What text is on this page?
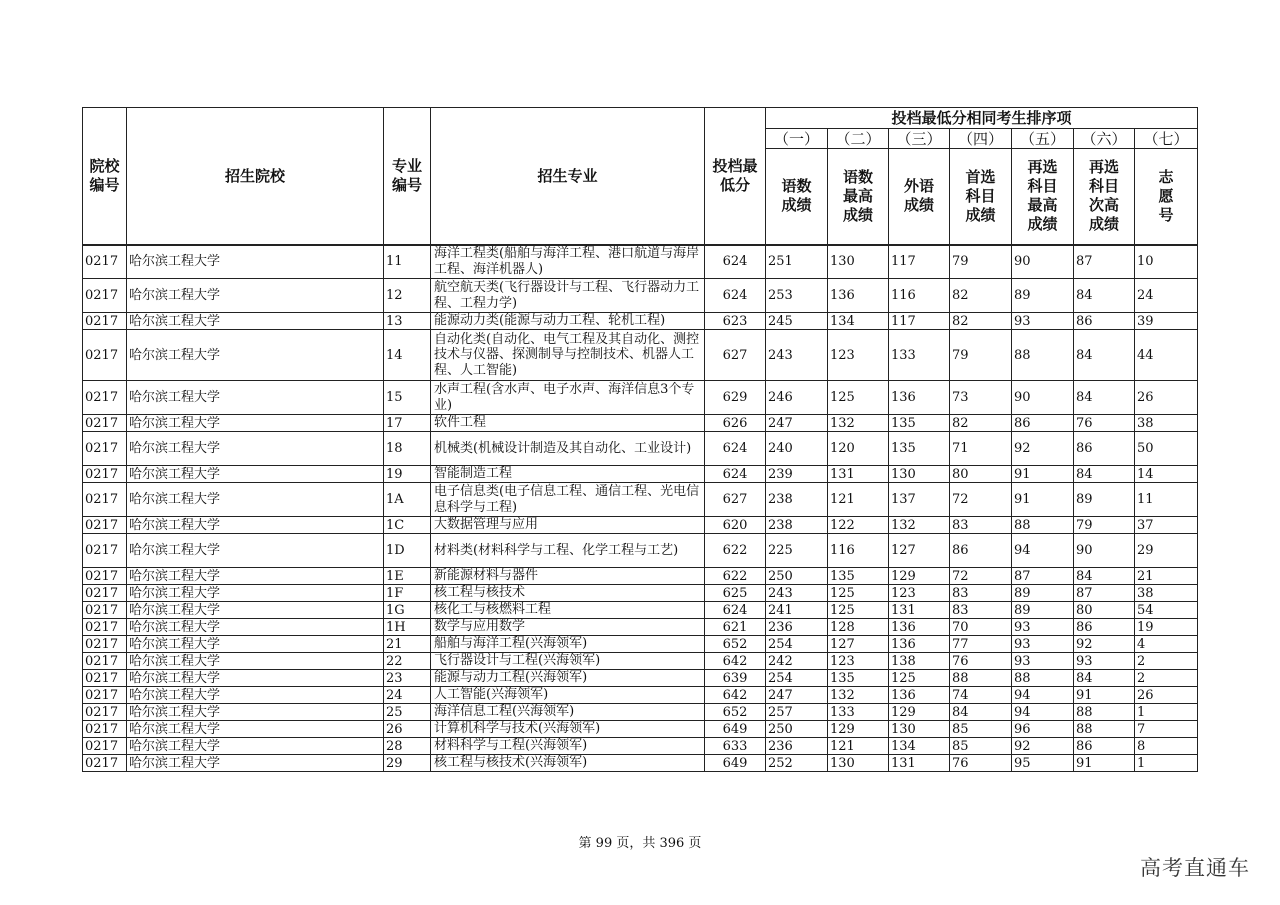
院校编号	招生院校	专业编号	招生专业	投档最低分	投档最低分相同考生排序项						
					（一）	（二）	（三）	（四）	（五）	（六）	（七）
					语数成绩	语数最高成绩	外语成绩	首选科目成绩	再选科目最高成绩	再选科目次高成绩	志愿号
0217	哈尔滨工程大学	11	海洋工程类(船舶与海洋工程、港口航道与海岸工程、海洋机器人)	624	251	130	117	79	90	87	10
0217	哈尔滨工程大学	12	航空航天类(飞行器设计与工程、飞行器动力工程、工程力学)	624	253	136	116	82	89	84	24
0217	哈尔滨工程大学	13	能源动力类(能源与动力工程、轮机工程)	623	245	134	117	82	93	86	39
0217	哈尔滨工程大学	14	自动化类(自动化、电气工程及其自动化、测控技术与仪器、探测制导与控制技术、机器人工程、人工智能)	627	243	123	133	79	88	84	44
0217	哈尔滨工程大学	15	水声工程(含水声、电子水声、海洋信息3个专业)	629	246	125	136	73	90	84	26
0217	哈尔滨工程大学	17	软件工程	626	247	132	135	82	86	76	38
0217	哈尔滨工程大学	18	机械类(机械设计制造及其自动化、工业设计)	624	240	120	135	71	92	86	50
0217	哈尔滨工程大学	19	智能制造工程	624	239	131	130	80	91	84	14
0217	哈尔滨工程大学	1A	电子信息类(电子信息工程、通信工程、光电信息科学与工程)	627	238	121	137	72	91	89	11
0217	哈尔滨工程大学	1C	大数据管理与应用	620	238	122	132	83	88	79	37
0217	哈尔滨工程大学	1D	材料类(材料科学与工程、化学工程与工艺)	622	225	116	127	86	94	90	29
0217	哈尔滨工程大学	1E	新能源材料与器件	622	250	135	129	72	87	84	21
0217	哈尔滨工程大学	1F	核工程与核技术	625	243	125	123	83	89	87	38
0217	哈尔滨工程大学	1G	核化工与核燃料工程	624	241	125	131	83	89	80	54
0217	哈尔滨工程大学	1H	数学与应用数学	621	236	128	136	70	93	86	19
0217	哈尔滨工程大学	21	船舶与海洋工程(兴海领军)	652	254	127	136	77	93	92	4
0217	哈尔滨工程大学	22	飞行器设计与工程(兴海领军)	642	242	123	138	76	93	93	2
0217	哈尔滨工程大学	23	能源与动力工程(兴海领军)	639	254	135	125	88	88	84	2
0217	哈尔滨工程大学	24	人工智能(兴海领军)	642	247	132	136	74	94	91	26
0217	哈尔滨工程大学	25	海洋信息工程(兴海领军)	652	257	133	129	84	94	88	1
0217	哈尔滨工程大学	26	计算机科学与技术(兴海领军)	649	250	129	130	85	96	88	7
0217	哈尔滨工程大学	28	材料科学与工程(兴海领军)	633	236	121	134	85	92	86	8
0217	哈尔滨工程大学	29	核工程与核技术(兴海领军)	649	252	130	131	76	95	91	1
第 99 页，共 396 页
高考直通车
